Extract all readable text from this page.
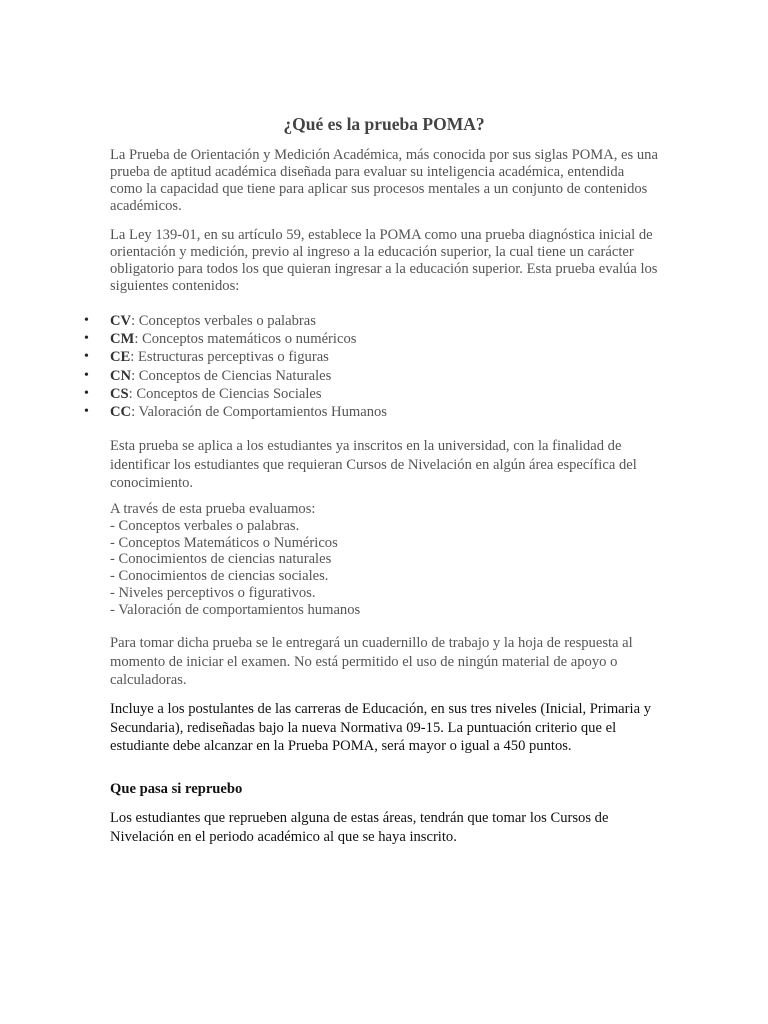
¿Qué es la prueba POMA?
La Prueba de Orientación y Medición Académica, más conocida por sus siglas POMA, es una prueba de aptitud académica diseñada para evaluar su inteligencia académica, entendida como la capacidad que tiene para aplicar sus procesos mentales a un conjunto de contenidos académicos.
La Ley 139-01, en su artículo 59, establece la POMA como una prueba diagnóstica inicial de orientación y medición, previo al ingreso a la educación superior, la cual tiene un carácter obligatorio para todos los que quieran ingresar a la educación superior. Esta prueba evalúa los siguientes contenidos:
• CV: Conceptos verbales o palabras
• CM: Conceptos matemáticos o numéricos
• CE: Estructuras perceptivas o figuras
• CN: Conceptos de Ciencias Naturales
• CS: Conceptos de Ciencias Sociales
• CC: Valoración de Comportamientos Humanos
Esta prueba se aplica a los estudiantes ya inscritos en la universidad, con la finalidad de identificar los estudiantes que requieran Cursos de Nivelación en algún área específica del conocimiento.
A través de esta prueba evaluamos:
- Conceptos verbales o palabras.
- Conceptos Matemáticos o Numéricos
- Conocimientos de ciencias naturales
- Conocimientos de ciencias sociales.
- Niveles perceptivos o figurativos.
- Valoración de comportamientos humanos
Para tomar dicha prueba se le entregará un cuadernillo de trabajo y la hoja de respuesta al momento de iniciar el examen. No está permitido el uso de ningún material de apoyo o calculadoras.
Incluye a los postulantes de las carreras de Educación, en sus tres niveles (Inicial, Primaria y Secundaria), rediseñadas bajo la nueva Normativa 09-15. La puntuación criterio que el estudiante debe alcanzar en la Prueba POMA, será mayor o igual a 450 puntos.
Que pasa si repruebo
Los estudiantes que reprueben alguna de estas áreas, tendrán que tomar los Cursos de Nivelación en el periodo académico al que se haya inscrito.
